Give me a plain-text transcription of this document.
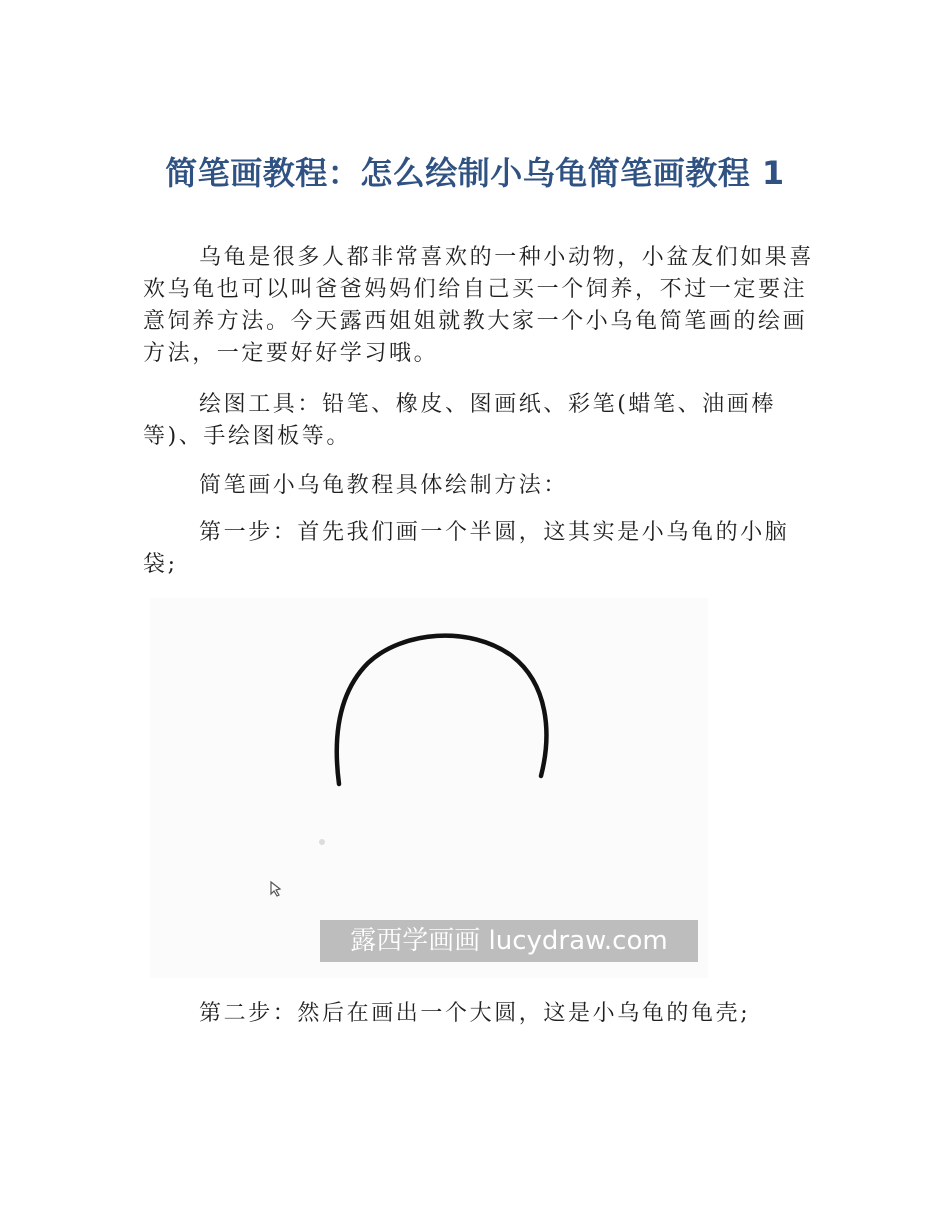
简笔画教程：怎么绘制小乌龟简笔画教程 1

乌龟是很多人都非常喜欢的一种小动物，小盆友们如果喜欢乌龟也可以叫爸爸妈妈们给自己买一个饲养，不过一定要注意饲养方法。今天露西姐姐就教大家一个小乌龟简笔画的绘画方法，一定要好好学习哦。

绘图工具：铅笔、橡皮、图画纸、彩笔(蜡笔、油画棒等)、手绘图板等。

简笔画小乌龟教程具体绘制方法：

第一步：首先我们画一个半圆，这其实是小乌龟的小脑袋;

露西学画画 lucydraw.com

第二步：然后在画出一个大圆，这是小乌龟的龟壳;
